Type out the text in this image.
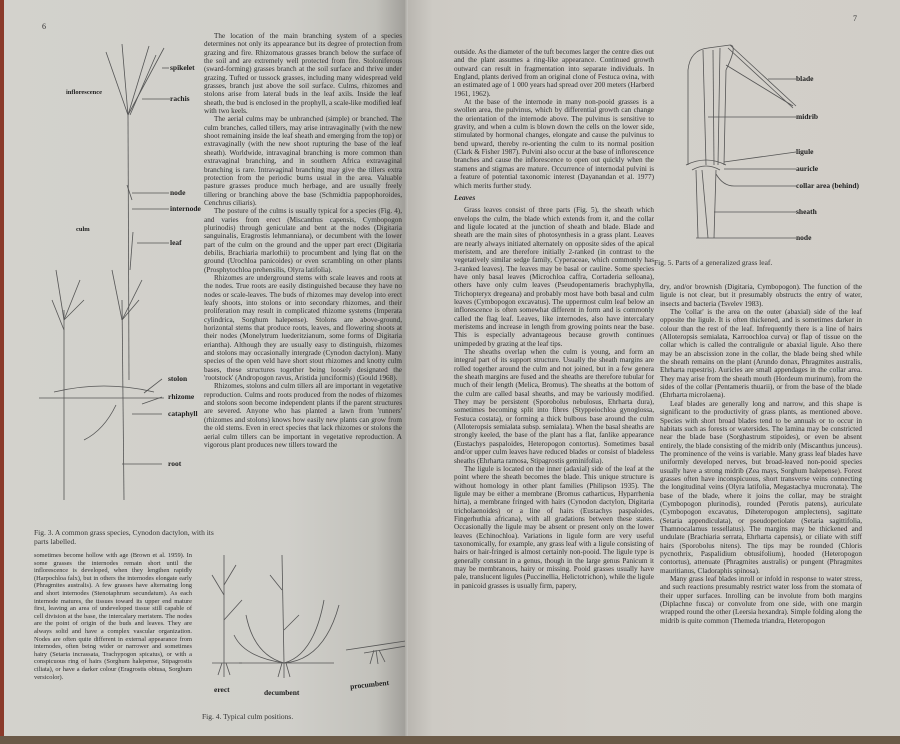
6
spikelet
rachis
inflorescence
node
internode
culm
leaf
stolon
rhizome
cataphyll
root
Fig. 3. A common grass species, Cynodon dactylon, with its parts labelled.

The location of the main branching system of a species determines not only its appearance but its degree of protection from grazing and fire. Rhizomatous grasses branch below the surface of the soil and are extremely well protected from fire. Stoloniferous (sward-forming) grasses branch at the soil surface and thrive under grazing. Tufted or tussock grasses, including many widespread veld grasses, branch just above the soil surface. Culms, rhizomes and stolons arise from lateral buds in the leaf axils. Inside the leaf sheath, the bud is enclosed in the prophyll, a scale-like modified leaf with two keels.

The aerial culms may be unbranched (simple) or branched. The culm branches, called tillers, may arise intravaginally (with the new shoot remaining inside the leaf sheath and emerging from the top) or extravaginally (with the new shoot rupturing the base of the leaf sheath). Worldwide, intravaginal branching is more common than extravaginal branching, and in southern Africa extravaginal branching is rare. Intravaginal branching may give the tillers extra protection from the periodic burns usual in the area. Valuable pasture grasses produce much herbage, and are usually freely tillering or branching above the base (Schmidtia pappophoroides, Cenchrus ciliaris).

The posture of the culms is usually typical for a species (Fig. 4), and varies from erect (Miscanthus capensis, Cymbopogon plurinodis) through geniculate and bent at the nodes (Digitaria sanguinalis, Eragrostis lehmanniana), or decumbent with the lower part of the culm on the ground and the upper part erect (Digitaria debilis, Brachiaria marlothii) to procumbent and lying flat on the ground (Urochloa panicoides) or even scrambling on other plants (Prosphytochloa prehensilis, Olyra latifolia).

Rhizomes are underground stems with scale leaves and roots at the nodes. True roots are easily distinguished because they have no nodes or scale-leaves. The buds of rhizomes may develop into erect leafy shoots, into stolons or into secondary rhizomes, and their proliferation may result in complicated rhizome systems (Imperata cylindrica, Sorghum halepense). Stolons are above-ground, horizontal stems that produce roots, leaves, and flowering shoots at their nodes (Monelytrum luederitzianum, some forms of Digitaria eriantha). Although they are usually easy to distinguish, rhizomes and stolons may occasionally intergrade (Cynodon dactylon). Many species of the open veld have short stout rhizomes and knotty culm bases, these structures together being loosely designated the 'rootstock' (Andropogon ravus, Aristida junciformis) (Gould 1968).

Rhizomes, stolons and culm tillers all are important in vegetative reproduction. Culms and roots produced from the nodes of rhizomes and stolons soon become independent plants if the parent structures are severed. Anyone who has planted a lawn from 'runners' (rhizomes and stolons) knows how easily new plants can grow from the old stems. Even in erect species that lack rhizomes or stolons the aerial culm tillers can be important in vegetative reproduction. A vigorous plant produces new tillers toward the

sometimes become hollow with age (Brown et al. 1959). In some grasses the internodes remain short until the inflorescence is developed, when they lengthen rapidly (Harpochloa falx), but in others the internodes elongate early (Phragmites australis). A few grasses have alternating long and short internodes (Stenotaphrum secundatum). As each internode matures, the tissues toward its upper end mature first, leaving an area of undeveloped tissue still capable of cell division at the base, the intercalary meristem. The nodes are the point of origin of the buds and leaves. They are always solid and have a complex vascular organization. Nodes are often quite different in external appearance from internodes, often being wider or narrower and sometimes hairy (Setaria incrassata, Trachypogon spicatus), or with a conspicuous ring of hairs (Sorghum halepense, Stipagrostis ciliata), or have a darker colour (Eragrostis obtusa, Sorghum versicolor).

erect	decumbent
procumbent
Fig. 4. Typical culm positions.
7

outside. As the diameter of the tuft becomes larger the centre dies out and the plant assumes a ring-like appearance. Continued growth outward can result in fragmentation into separate individuals. In England, plants derived from an original clone of Festuca ovina, with an estimated age of 1 000 years had spread over 200 meters (Harberd 1961, 1962).

At the base of the internode in many non-pooid grasses is a swollen area, the pulvinus, which by differential growth can change the orientation of the internode above. The pulvinus is sensitive to gravity, and when a culm is blown down the cells on the lower side, stimulated by hormonal changes, elongate and cause the pulvinus to bend upward, thereby re-orienting the culm to its normal position (Clark & Fisher 1987). Pulvini also occur at the base of inflorescence branches and cause the inflorescence to open out quickly when the stamens and stigmas are mature. Occurrence of internodal pulvini is a feature of potential taxonomic interest (Dayanandan et al. 1977) which merits further study.

Leaves

Grass leaves consist of three parts (Fig. 5), the sheath which envelops the culm, the blade which extends from it, and the collar and ligule located at the junction of sheath and blade. Blade and sheath are the main sites of photosynthesis in a grass plant. Leaves are nearly always initiated alternately on opposite sides of the apical meristem, and are therefore initially 2-ranked (in contrast to the vegetatively similar sedge family, Cyperaceae, which commonly has 3-ranked leaves). The leaves may be basal or cauline. Some species have only basal leaves (Microchloa caffra, Cortaderia selloana), others have only culm leaves (Pseudopentameris brachyphylla, Trichopteryx dregeana) and probably most have both basal and culm leaves (Cymbopogon excavatus). The uppermost culm leaf below an inflorescence is often somewhat different in form and is commonly called the flag leaf. Leaves, like internodes, also have intercalary meristems and increase in length from growing points near the base. This is especially advantageous because growth continues unimpeded by grazing at the leaf tips.

The sheaths overlap when the culm is young, and form an integral part of its support structure. Usually the sheath margins are rolled together around the culm and not joined, but in a few genera the sheath margins are fused and the sheaths are therefore tubular for much of their length (Melica, Bromus). The sheaths at the bottom of the culm are called basal sheaths, and may be variously modified. They may be persistent (Sporobolus nebulosus, Ehrharta dura), sometimes becoming split into fibres (Styppeiochloa gynoglossa, Festuca costata), or forming a thick bulbous base around the culm (Alloteropsis semialata subsp. semialata). When the basal sheaths are strongly keeled, the base of the plant has a flat, fanlike appearance (Eustachys paspaloides, Heteropogon contortus). Sometimes basal and/or upper culm leaves have reduced blades or consist of bladeless sheaths (Ehrharta ramosa, Stipagrostis geminifolia).

The ligule is located on the inner (adaxial) side of the leaf at the point where the sheath becomes the blade. This unique structure is without homology in other plant families (Philipson 1935). The ligule may be either a membrane (Bromus catharticus, Hyparrhenia hirta), a membrane fringed with hairs (Cynodon dactylon, Digitaria tricholaenoides) or a line of hairs (Eustachys paspaloides, Fingerhuthia africana), with all gradations between these states. Occasionally the ligule may be absent or present only on the lower leaves (Echinochloa). Variations in ligule form are very useful taxonomically, for example, any grass leaf with a ligule consisting of hairs or hair-fringed is almost certainly non-pooid. The ligule type is generally constant in a genus, though in the large genus Panicum it may be membranous, hairy or missing. Pooid grasses usually have pale, translucent ligules (Puccinellia, Helictotrichon), while the ligule in panicoid grasses is usually firm, papery,

blade
midrib
ligule
auricle
collar area (behind)
sheath
node
Fig. 5. Parts of a generalized grass leaf.

dry, and/or brownish (Digitaria, Cymbopogon). The function of the ligule is not clear, but it presumably obstructs the entry of water, insects and bacteria (Tsvelev 1983).

The 'collar' is the area on the outer (abaxial) side of the leaf opposite the ligule. It is often thickened, and is sometimes darker in colour than the rest of the leaf. Infrequently there is a line of hairs (Alloteropsis semialata, Karroochloa curva) or flap of tissue on the collar which is called the contraligule or abaxial ligule. Also there may be an abscission zone in the collar, the blade being shed while the sheath remains on the plant (Arundo donax, Phragmites australis, Ehrharta rupestris). Auricles are small appendages in the collar area. They may arise from the sheath mouth (Hordeum murinum), from the sides of the collar (Pentameris thuarii), or from the base of the blade (Ehrharta microlaena).

Leaf blades are generally long and narrow, and this shape is significant to the productivity of grass plants, as mentioned above. Species with short broad blades tend to be annuals or to occur in habitats such as forests or watersides. The lamina may be constricted near the blade base (Sorghastrum stipoides), or even be absent entirely, the blade consisting of the midrib only (Miscanthus junceus). The prominence of the veins is variable. Many grass leaf blades have uniformly developed nerves, but broad-leaved non-pooid species usually have a strong midrib (Zea mays, Sorghum halepense). Forest grasses often have inconspicuous, short transverse veins connecting the longitudinal veins (Olyra latifolia, Megastachya mucronata). The base of the blade, where it joins the collar, may be straight (Cymbopogon plurinodis), rounded (Perotis patens), auriculate (Cymbopogon excavatus, Diheteropogon amplectens), sagittate (Setaria appendiculata), or pseudopetiolate (Setaria sagittifolia, Thamnocalamus tessellatus). The margins may be thickened and undulate (Brachiaria serrata, Ehrharta capensis), or ciliate with stiff hairs (Sporobolus nitens). The tips may be rounded (Chloris pycnothrix, Paspalidium obtusifolium), hooded (Heteropogon contortus), attenuate (Phragmites australis) or pungent (Phragmites mauritianus, Cladoraphis spinosa).

Many grass leaf blades inroll or infold in response to water stress, and such reactions presumably restrict water loss from the stomata of their upper surfaces. Inrolling can be involute from both margins (Diplachne fusca) or convolute from one side, with one margin wrapped round the other (Leersia hexandra). Simple folding along the midrib is quite common (Themeda triandra, Heteropogon
